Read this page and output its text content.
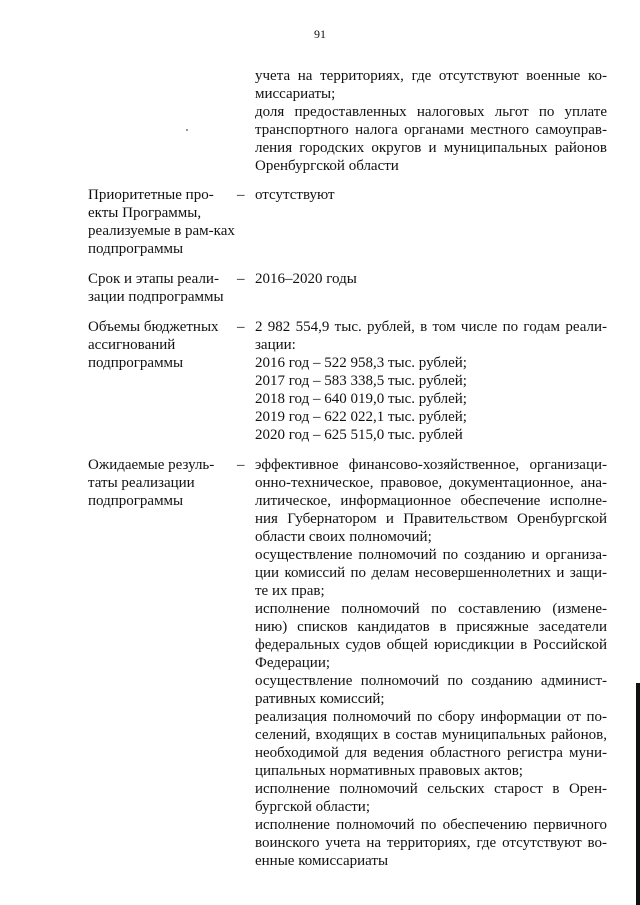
91

учета на территориях, где отсутствуют военные ко-миссариаты;

доля предоставленных налоговых льгот по уплате транспортного налога органами местного самоуправ-ления городских округов и муниципальных районов Оренбургской области

Приоритетные про-екты Программы, реализуемые в рам-ках подпрограммы
– отсутствуют

Срок и этапы реали-зации подпрограммы
– 2016–2020 годы

Объемы бюджетных ассигнований подпрограммы
– 2 982 554,9 тыс. рублей, в том числе по годам реали-зации:

2016 год – 522 958,3 тыс. рублей;

2017 год – 583 338,5 тыс. рублей;

2018 год – 640 019,0 тыс. рублей;

2019 год – 622 022,1 тыс. рублей;

2020 год – 625 515,0 тыс. рублей

Ожидаемые резуль-таты реализации подпрограммы
– эффективное финансово-хозяйственное, организаци-онно-техническое, правовое, документационное, ана-литическое, информационное обеспечение исполне-ния Губернатором и Правительством Оренбургской области своих полномочий;

осуществление полномочий по созданию и организа-ции комиссий по делам несовершеннолетних и защи-те их прав;

исполнение полномочий по составлению (измене-нию) списков кандидатов в присяжные заседатели федеральных судов общей юрисдикции в Российской Федерации;

осуществление полномочий по созданию админист-ративных комиссий;

реализация полномочий по сбору информации от по-селений, входящих в состав муниципальных районов, необходимой для ведения областного регистра муни-ципальных нормативных правовых актов;

исполнение полномочий сельских старост в Орен-бургской области;

исполнение полномочий по обеспечению первичного воинского учета на территориях, где отсутствуют во-енные комиссариаты
